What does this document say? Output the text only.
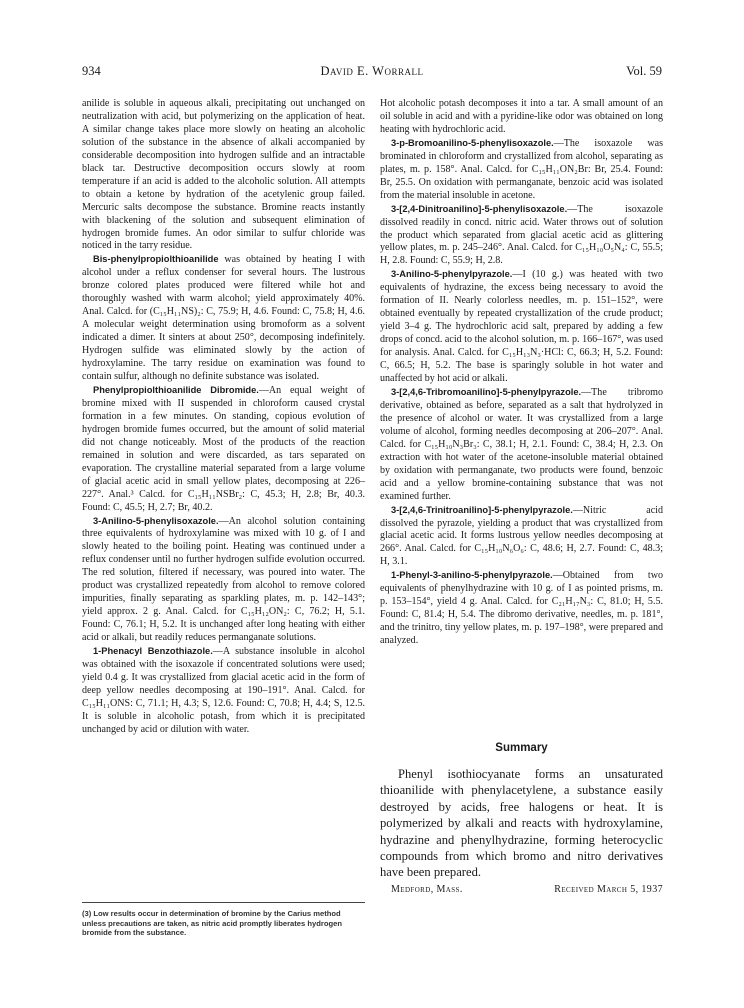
934	David E. Worrall	Vol. 59

anilide is soluble in aqueous alkali, precipitating out unchanged on neutralization with acid, but polymerizing on the application of heat. A similar change takes place more slowly on heating an alcoholic solution of the substance in the absence of alkali accompanied by considerable decomposition into hydrogen sulfide and an intractable black tar. Destructive decomposition occurs slowly at room temperature if an acid is added to the alcoholic solution. All attempts to obtain a ketone by hydration of the acetylenic group failed. Mercuric salts decompose the substance. Bromine reacts instantly with blackening of the solution and subsequent elimination of hydrogen bromide fumes. An odor similar to sulfur chloride was noticed in the tarry residue.

Bis-phenylpropiolthioanilide was obtained by heating I with alcohol under a reflux condenser for several hours. The lustrous bronze colored plates produced were filtered while hot and thoroughly washed with warm alcohol; yield approximately 40%. Anal. Calcd. for (C₁₅H₁₁NS)₂: C, 75.9; H, 4.6. Found: C, 75.8; H, 4.6. A molecular weight determination using bromoform as a solvent indicated a dimer. It sinters at about 250°, decomposing indefinitely. Hydrogen sulfide was eliminated slowly by the action of hydroxylamine. The tarry residue on examination was found to contain sulfur, although no definite substance was isolated.

Phenylpropiolthioanilide Dibromide.—An equal weight of bromine mixed with II suspended in chloroform caused crystal formation in a few minutes. On standing, copious evolution of hydrogen bromide fumes occurred, but the amount of solid material did not change noticeably. Most of the products of the reaction remained in solution and were discarded, as tars separated on evaporation. The crystalline material separated from a large volume of glacial acetic acid in small yellow plates, decomposing at 226–227°. Anal.³ Calcd. for C₁₅H₁₁NSBr₂: C, 45.3; H, 2.8; Br, 40.3. Found: C, 45.5; H, 2.7; Br, 40.2.

3-Anilino-5-phenylisoxazole.—An alcohol solution containing three equivalents of hydroxylamine was mixed with 10 g. of I and slowly heated to the boiling point. Heating was continued under a reflux condenser until no further hydrogen sulfide evolution occurred. The red solution, filtered if necessary, was poured into water. The product was crystallized repeatedly from alcohol to remove colored impurities, finally separating as sparkling plates, m. p. 142–143°; yield approx. 2 g. Anal. Calcd. for C₁₅H₁₂ON₂: C, 76.2; H, 5.1. Found: C, 76.1; H, 5.2. It is unchanged after long heating with either acid or alkali, but readily reduces permanganate solutions.

1-Phenacyl Benzothiazole.—A substance insoluble in alcohol was obtained with the isoxazole if concentrated solutions were used; yield 0.4 g. It was crystallized from glacial acetic acid in the form of deep yellow needles decomposing at 190–191°. Anal. Calcd. for C₁₅H₁₁ONS: C, 71.1; H, 4.3; S, 12.6. Found: C, 70.8; H, 4.4; S, 12.5. It is soluble in alcoholic potash, from which it is precipitated unchanged by acid or dilution with water.

(3) Low results occur in determination of bromine by the Carius method unless precautions are taken, as nitric acid promptly liberates hydrogen bromide from the substance.

Hot alcoholic potash decomposes it into a tar. A small amount of an oil soluble in acid and with a pyridine-like odor was obtained on long heating with hydrochloric acid.

3-p-Bromoanilino-5-phenylisoxazole.—The isoxazole was brominated in chloroform and crystallized from alcohol, separating as plates, m. p. 158°. Anal. Calcd. for C₁₅H₁₁ON₂Br: Br, 25.4. Found: Br, 25.5. On oxidation with permanganate, benzoic acid was isolated from the material insoluble in acetone.

3-[2,4-Dinitroanilino]-5-phenylisoxazole.—The isoxazole dissolved readily in concd. nitric acid. Water throws out of solution the product which separated from glacial acetic acid as glittering yellow plates, m. p. 245–246°. Anal. Calcd. for C₁₅H₁₀O₅N₄: C, 55.5; H, 2.8. Found: C, 55.9; H, 2.8.

3-Anilino-5-phenylpyrazole.—I (10 g.) was heated with two equivalents of hydrazine, the excess being necessary to avoid the formation of II. Nearly colorless needles, m. p. 151–152°, were obtained eventually by repeated crystallization of the crude product; yield 3–4 g. The hydrochloric acid salt, prepared by adding a few drops of concd. acid to the alcohol solution, m. p. 166–167°, was used for analysis. Anal. Calcd. for C₁₅H₁₃N₃·HCl: C, 66.3; H, 5.2. Found: C, 66.5; H, 5.2. The base is sparingly soluble in hot water and unaffected by hot acid or alkali.

3-[2,4,6-Tribromoanilino]-5-phenylpyrazole.—The tribromo derivative, obtained as before, separated as a salt that hydrolyzed in the presence of alcohol or water. It was crystallized from a large volume of alcohol, forming needles decomposing at 206–207°. Anal. Calcd. for C₁₅H₁₀N₃Br₃: C, 38.1; H, 2.1. Found: C, 38.4; H, 2.3. On extraction with hot water of the acetone-insoluble material obtained by oxidation with permanganate, two products were found, benzoic acid and a yellow bromine-containing substance that was not examined further.

3-[2,4,6-Trinitroanilino]-5-phenylpyrazole.—Nitric acid dissolved the pyrazole, yielding a product that was crystallized from glacial acetic acid. It forms lustrous yellow needles decomposing at 266°. Anal. Calcd. for C₁₅H₁₀N₆O₆: C, 48.6; H, 2.7. Found: C, 48.3; H, 3.1.

1-Phenyl-3-anilino-5-phenylpyrazole.—Obtained from two equivalents of phenylhydrazine with 10 g. of I as pointed prisms, m. p. 153–154°, yield 4 g. Anal. Calcd. for C₂₁H₁₇N₃: C, 81.0; H, 5.5. Found: C, 81.4; H, 5.4. The dibromo derivative, needles, m. p. 181°, and the trinitro, tiny yellow plates, m. p. 197–198°, were prepared and analyzed.

Summary

Phenyl isothiocyanate forms an unsaturated thioanilide with phenylacetylene, a substance easily destroyed by acids, free halogens or heat. It is polymerized by alkali and reacts with hydroxylamine, hydrazine and phenylhydrazine, forming heterocyclic compounds from which bromo and nitro derivatives have been prepared.

Medford, Mass.	Received March 5, 1937
